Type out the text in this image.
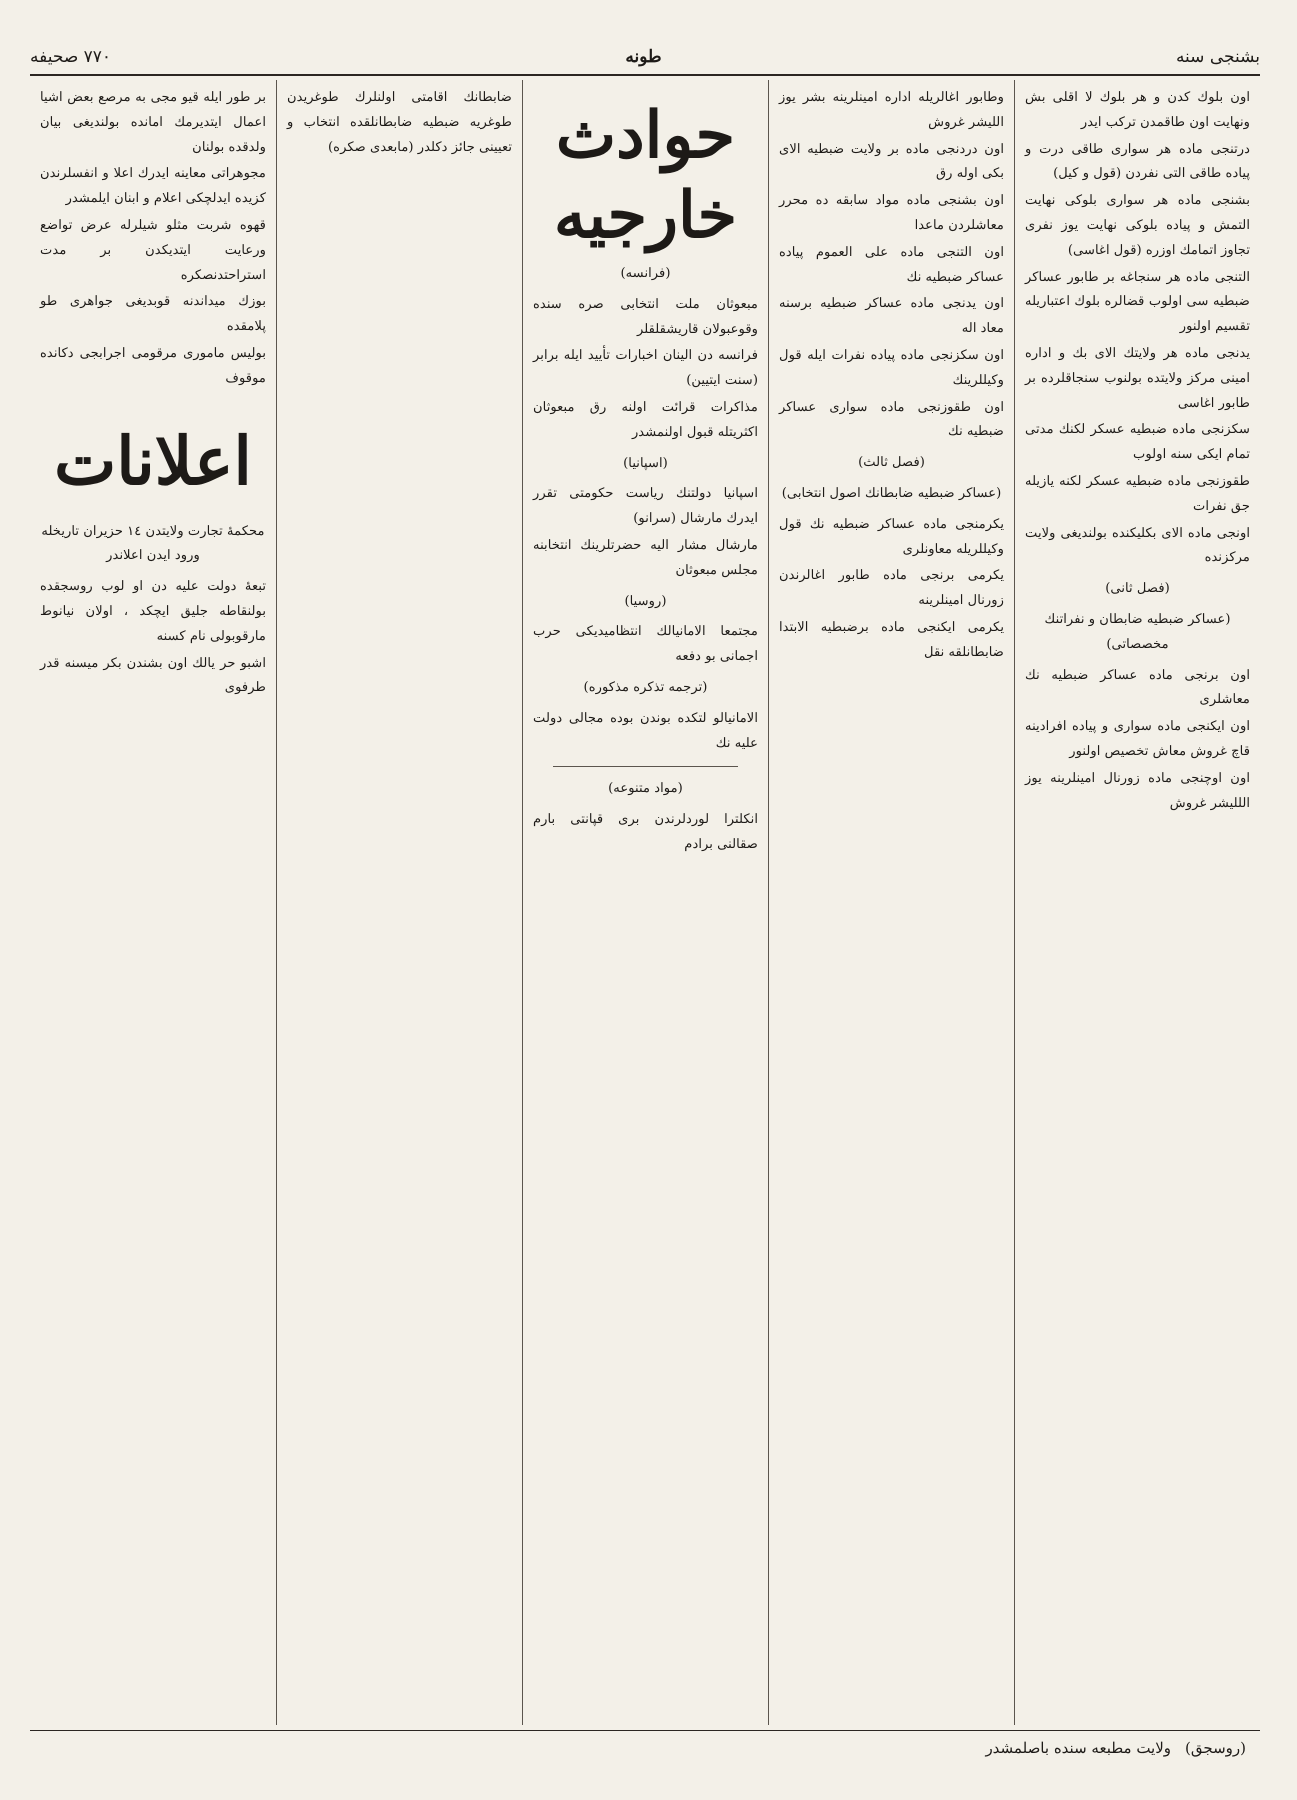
بشنجی سنه
طونه
٧٧٠ صحیفه

اون بلوك كدن و هر بلوك لا اقلى بش ونهايت اون طاقمدن ترکب ايدر

درتنجی ماده هر سواری طاقی درت و پیاده طاقی التی نفردن (قول و كیل)

بشنجی ماده هر سواری بلوکی نهایت التمش و پیاده بلوکی نهایت یوز نفری تجاوز اتمامك اوزره (قول اغاسی)

التنجی ماده هر سنجاغه بر طابور عساکر ضبطیه سی اولوب قضالره بلوك اعتباریله تقسیم اولنور

یدنجی ماده هر ولایتك الای بك و اداره امینی مرکز ولایتده بولنوب سنجاقلرده بر طابور اغاسی

سکزنجی ماده ضبطیه عسکر لکنك مدتی تمام ایکی سنه اولوب

طقوزنجی ماده ضبطیه عسکر لكنه یازیله جق نفرات

اونجی ماده الای بکلیکنده بولنديغی ولايت مرکزنده

(فصل ثانی)
(عساکر ضبطیه ضابطان و نفراتنك مخصصاتی)

اون برنجی ماده عساکر ضبطیه نك معاشلری

اون ایکنجی ماده سواری و پیاده افرادینه قاچ غروش معاش تخصیص اولنور

اون اوچنجی ماده زورنال امینلرینه یوز الللیشر غروش

وطابور اغالریله اداره امینلرینه بشر یوز اللیشر غروش

اون دردنجی ماده بر ولایت ضبطیه الای بکی اوله رق

اون بشنجی ماده مواد سابقه ده محرر معاشلردن ماعدا

اون التنجی ماده علی العموم پیاده عساکر ضبطیه نك

اون یدنجی ماده عساکر ضبطیه برسنه معاد اله

اون سکزنجی ماده پیاده نفرات ایله قول وکیللرینك

اون طقوزنجی ماده سواری عساکر ضبطیه نك

(فصل ثالث)
(عساکر ضبطیه ضابطانك اصول انتخابی)

یکرمنجی ماده عساکر ضبطیه نك قول وکیللریله معاونلری

یکرمی برنجی ماده طابور اغالرندن زورنال امینلرینه

یکرمی ایکنجی ماده برضبطیه الابتدا ضابطانلقه نقل

حوادث خارجیه
(فرانسه)

مبعوثان ملت انتخابی صره سنده وقوعبولان قاریشقلقلر

فرانسه دن الینان اخبارات تأیید ایله برابر (سنت ایتیین)

مذاكرات قرائت اولنه رق مبعوثان اكثریتله قبول اولنمشدر

(اسپانیا)

اسپانیا دولتنك ریاست حکومتی تقرر ایدرك مارشال (سرانو)

مارشال مشار الیه حضرتلرینك انتخابنه مجلس مبعوثان

(روسیا)

مجتمعا الامانیالك انتظامیدیکی حرب اجمانی بو دفعه

(ترجمه تذکره مذکوره)

الامانیالو لتکده بوندن بوده مجالی دولت علیه نك

(مواد متنوعه)

انکلترا لوردلرندن بری قپانتی بارم صقالنی برادم

ضابطانك اقامتی اولنلرك طوغریدن طوغریه ضبطیه ضابطانلقده انتخاب و تعیینی جائز دکلدر (مابعدی صکره)

بر طور ایله قیو مجی به مرصع بعض اشیا اعمال ایتدیرمك امانده بولندیغی بیان ولدقده بولنان

مجوهراتی معاینه ایدرك اعلا و انفسلرندن کزیده ایدلچکی اعلام و ابنان ایلمشدر

قهوه شربت مثلو شیلرله عرض تواضع ورعایت ایتدیکدن بر مدت استراحتدنصکره

بوزك میداندنه قوبدیغی جواهری طو پلامقده

بولیس ماموری مرقومی اجرابجی دکانده موقوف

اعلانات
محکمۀ تجارت ولایتدن ١٤ حزیران تاریخله ورود ایدن اعلاندر

تبعهٔ دولت علیه دن او لوب روسجقده بولنقاطه جلیق ایچکد ، اولان نیانوط مارقوبولی نام کسنه

اشبو حر یالك اون بشندن بکر میسنه قدر طرفوی

(روسجق)
ولایت مطبعه سنده باصلمشدر
